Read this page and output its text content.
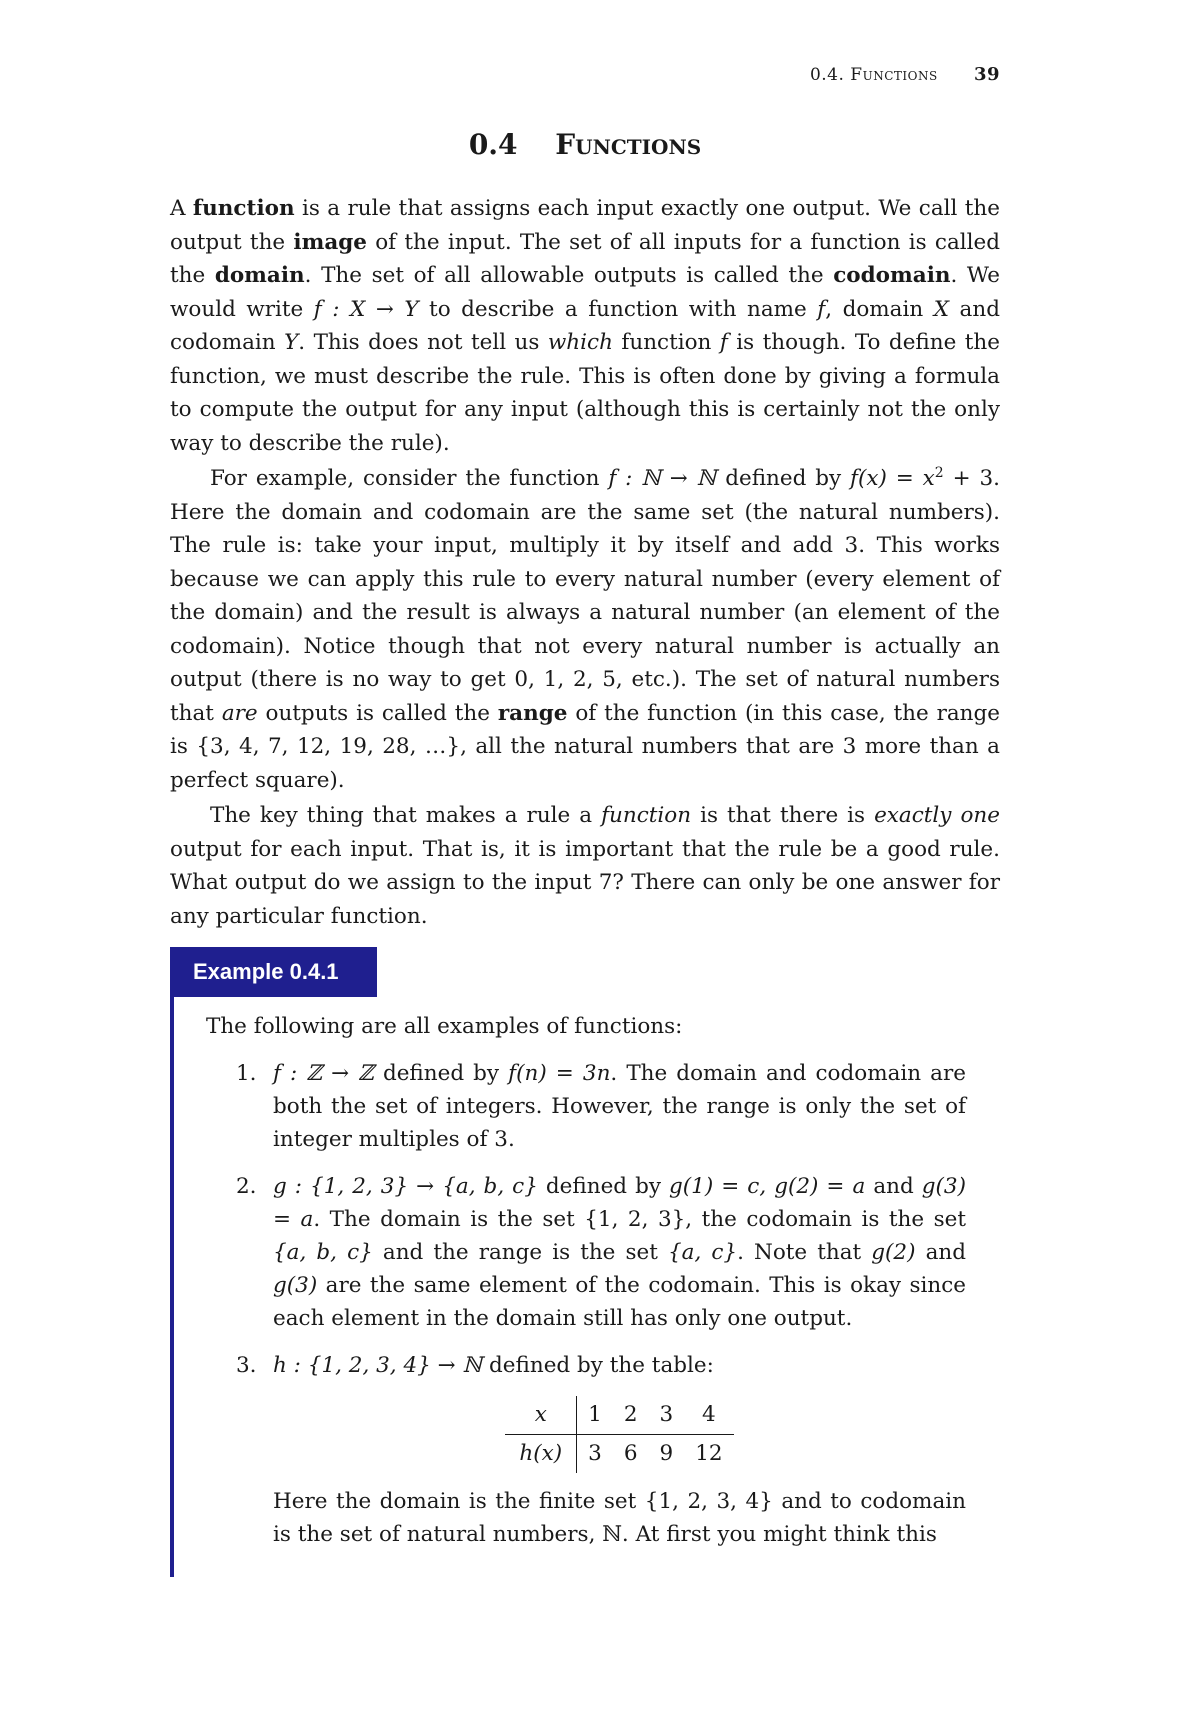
0.4. Functions 39
0.4 Functions

A function is a rule that assigns each input exactly one output. We call the output the image of the input. The set of all inputs for a function is called the domain. The set of all allowable outputs is called the codomain. We would write f : X → Y to describe a function with name f, domain X and codomain Y. This does not tell us which function f is though. To define the function, we must describe the rule. This is often done by giving a formula to compute the output for any input (although this is certainly not the only way to describe the rule).

For example, consider the function f : ℕ → ℕ defined by $f(x) = x^2 + 3$. Here the domain and codomain are the same set (the natural numbers). The rule is: take your input, multiply it by itself and add 3. This works because we can apply this rule to every natural number (every element of the domain) and the result is always a natural number (an element of the codomain). Notice though that not every natural number is actually an output (there is no way to get 0, 1, 2, 5, etc.). The set of natural numbers that are outputs is called the range of the function (in this case, the range is {3, 4, 7, 12, 19, 28, …}, all the natural numbers that are 3 more than a perfect square).

The key thing that makes a rule a function is that there is exactly one output for each input. That is, it is important that the rule be a good rule. What output do we assign to the input 7? There can only be one answer for any particular function.

Example 0.4.1

The following are all examples of functions:

1. f : ℤ → ℤ defined by f(n) = 3n. The domain and codomain are both the set of integers. However, the range is only the set of integer multiples of 3.
2. g : {1, 2, 3} → {a, b, c} defined by g(1) = c, g(2) = a and g(3) = a. The domain is the set {1, 2, 3}, the codomain is the set {a, b, c} and the range is the set {a, c}. Note that g(2) and g(3) are the same element of the codomain. This is okay since each element in the domain still has only one output.
3. h : {1, 2, 3, 4} → ℕ defined by the table:
x	1	2	3	4
h(x)	3	6	9	12
Here the domain is the finite set {1, 2, 3, 4} and to codomain is the set of natural numbers, ℕ. At first you might think this
